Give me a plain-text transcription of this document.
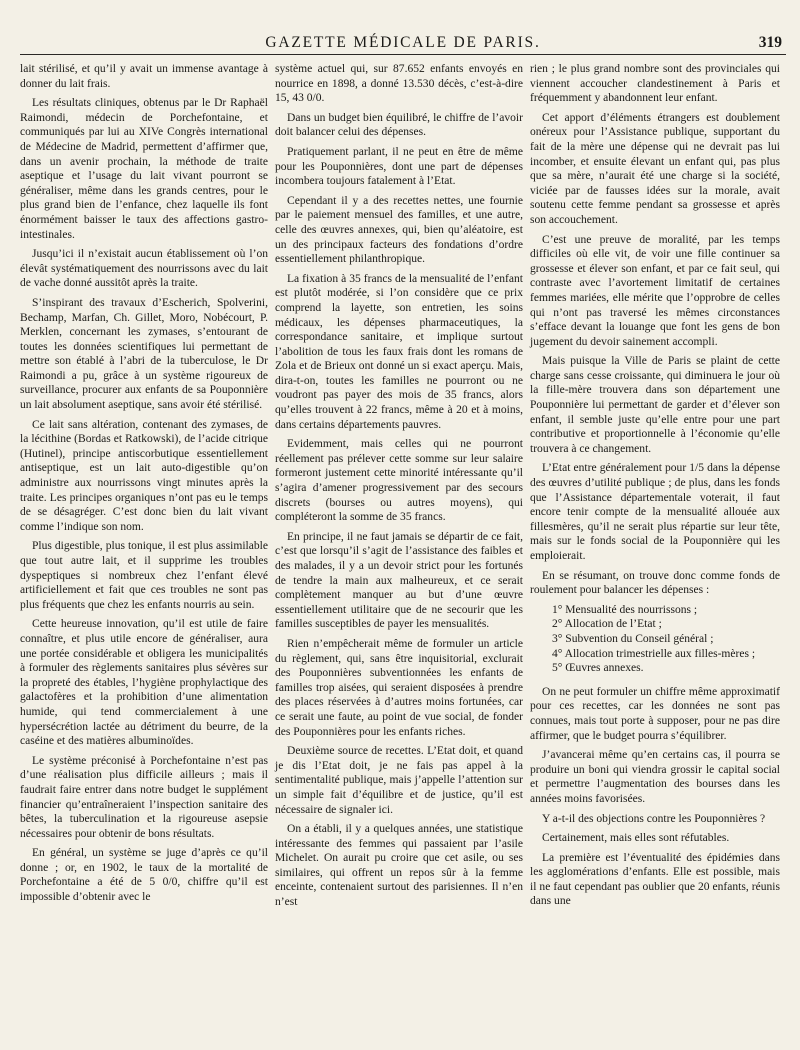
GAZETTE MÉDICALE DE PARIS.	319

lait stérilisé, et qu’il y avait un immense avantage à donner du lait frais.

Les résultats cliniques, obtenus par le Dr Raphaël Raimondi, médecin de Porchefontaine, et communiqués par lui au XIVe Congrès international de Médecine de Madrid, permettent d’affirmer que, dans un avenir prochain, la méthode de traite aseptique et l’usage du lait vivant pourront se généraliser, même dans les grands centres, pour le plus grand bien de l’enfance, chez laquelle ils font énormément baisser le taux des affections gastro-intestinales.

Jusqu’ici il n’existait aucun établissement où l’on élevât systématiquement des nourrissons avec du lait de vache donné aussitôt après la traite.

S’inspirant des travaux d’Escherich, Spolverini, Bechamp, Marfan, Ch. Gillet, Moro, Nobécourt, P. Merklen, concernant les zymases, s’entourant de toutes les données scientifiques lui permettant de mettre son établé à l’abri de la tuberculose, le Dr Raimondi a pu, grâce à un système rigoureux de surveillance, procurer aux enfants de sa Pouponnière un lait absolument aseptique, sans avoir été stérilisé.

Ce lait sans altération, contenant des zymases, de la lécithine (Bordas et Ratkowski), de l’acide citrique (Hutinel), principe antiscorbutique essentiellement antiseptique, est un lait auto-digestible qu’on administre aux nourrissons vingt minutes après la traite. Les principes organiques n’ont pas eu le temps de se désagréger. C’est donc bien du lait vivant comme l’indique son nom.

Plus digestible, plus tonique, il est plus assimilable que tout autre lait, et il supprime les troubles dyspeptiques si nombreux chez l’enfant élevé artificiellement et fait que ces troubles ne sont pas plus fréquents que chez les enfants nourris au sein.

Cette heureuse innovation, qu’il est utile de faire connaître, et plus utile encore de généraliser, aura une portée considérable et obligera les municipalités à formuler des règlements sanitaires plus sévères sur la propreté des étables, l’hygiène prophylactique des galactofères et la prohibition d’une alimentation humide, qui tend commercialement à une hypersécrétion lactée au détriment du beurre, de la caséine et des matières albuminoïdes.

Le système préconisé à Porchefontaine n’est pas d’une réalisation plus difficile ailleurs ; mais il faudrait faire entrer dans notre budget le supplément financier qu’entraîneraient l’inspection sanitaire des bêtes, la tuberculination et la rigoureuse asepsie nécessaires pour obtenir de bons résultats.

En général, un système se juge d’après ce qu’il donne ; or, en 1902, le taux de la mortalité de Porchefontaine a été de 5 0/0, chiffre qu’il est impossible d’obtenir avec le

système actuel qui, sur 87.652 enfants envoyés en nourrice en 1898, a donné 13.530 décès, c’est-à-dire 15, 43 0/0.

Dans un budget bien équilibré, le chiffre de l’avoir doit balancer celui des dépenses.

Pratiquement parlant, il ne peut en être de même pour les Pouponnières, dont une part de dépenses incombera toujours fatalement à l’Etat.

Cependant il y a des recettes nettes, une fournie par le paiement mensuel des familles, et une autre, celle des œuvres annexes, qui, bien qu’aléatoire, est un des principaux facteurs des fondations d’ordre essentiellement philanthropique.

La fixation à 35 francs de la mensualité de l’enfant est plutôt modérée, si l’on considère que ce prix comprend la layette, son entretien, les soins médicaux, les dépenses pharmaceutiques, la correspondance sanitaire, et implique surtout l’abolition de tous les faux frais dont les romans de Zola et de Brieux ont donné un si exact aperçu. Mais, dira-t-on, toutes les familles ne pourront ou ne voudront pas payer des mois de 35 francs, alors qu’elles trouvent à 22 francs, même à 20 et à moins, dans certains départements pauvres.

Evidemment, mais celles qui ne pourront réellement pas prélever cette somme sur leur salaire formeront justement cette minorité intéressante qu’il s’agira d’amener progressivement par des secours discrets (bourses ou autres moyens), qui compléteront la somme de 35 francs.

En principe, il ne faut jamais se départir de ce fait, c’est que lorsqu’il s’agit de l’assistance des faibles et des malades, il y a un devoir strict pour les fortunés de tendre la main aux malheureux, et ce serait complètement manquer au but d’une œuvre essentiellement utilitaire que de ne secourir que les familles susceptibles de payer les mensualités.

Rien n’empêcherait même de formuler un article du règlement, qui, sans être inquisitorial, exclurait des Pouponnières subventionnées les enfants de familles trop aisées, qui seraient disposées à prendre des places réservées à d’autres moins fortunées, car ce serait une faute, au point de vue social, de fonder des Pouponnières pour les enfants riches.

Deuxième source de recettes. L’Etat doit, et quand je dis l’Etat doit, je ne fais pas appel à la sentimentalité publique, mais j’appelle l’attention sur un simple fait d’équilibre et de justice, qu’il est nécessaire de signaler ici.

On a établi, il y a quelques années, une statistique intéressante des femmes qui passaient par l’asile Michelet. On aurait pu croire que cet asile, ou ses similaires, qui offrent un repos sûr à la femme enceinte, contenaient surtout des parisiennes. Il n’en n’est

rien ; le plus grand nombre sont des provinciales qui viennent accoucher clandestinement à Paris et fréquemment y abandonnent leur enfant.

Cet apport d’éléments étrangers est doublement onéreux pour l’Assistance publique, supportant du fait de la mère une dépense qui ne devrait pas lui incomber, et ensuite élevant un enfant qui, pas plus que sa mère, n’aurait été une charge si la société, viciée par de fausses idées sur la morale, avait soutenu cette femme pendant sa grossesse et après son accouchement.

C’est une preuve de moralité, par les temps difficiles où elle vit, de voir une fille continuer sa grossesse et élever son enfant, et par ce fait seul, qui contraste avec l’avortement limitatif de certaines femmes mariées, elle mérite que l’opprobre de celles qui n’ont pas traversé les mêmes circonstances s’efface devant la louange que font les gens de bon jugement du devoir sainement accompli.

Mais puisque la Ville de Paris se plaint de cette charge sans cesse croissante, qui diminuera le jour où la fille-mère trouvera dans son département une Pouponnière lui permettant de garder et d’élever son enfant, il semble juste qu’elle entre pour une part contributive et proportionnelle à l’économie qu’elle trouvera à ce changement.

L’Etat entre généralement pour 1/5 dans la dépense des œuvres d’utilité publique ; de plus, dans les fonds que l’Assistance départementale voterait, il faut encore tenir compte de la mensualité allouée aux fillesmères, qu’il ne serait plus répartie sur leur tête, mais sur le fonds social de la Pouponnière qui les emploierait.

En se résumant, on trouve donc comme fonds de roulement pour balancer les dépenses :

1° Mensualité des nourrissons ;
2° Allocation de l’Etat ;
3° Subvention du Conseil général ;
4° Allocation trimestrielle aux filles-mères ;
5° Œuvres annexes.

On ne peut formuler un chiffre même approximatif pour ces recettes, car les données ne sont pas connues, mais tout porte à supposer, pour ne pas dire affirmer, que le budget pourra s’équilibrer.

J’avancerai même qu’en certains cas, il pourra se produire un boni qui viendra grossir le capital social et permettre l’augmentation des bourses dans les années moins favorisées.

Y a-t-il des objections contre les Pouponnières ?

Certainement, mais elles sont réfutables.

La première est l’éventualité des épidémies dans les agglomérations d’enfants. Elle est possible, mais il ne faut cependant pas oublier que 20 enfants, réunis dans une
